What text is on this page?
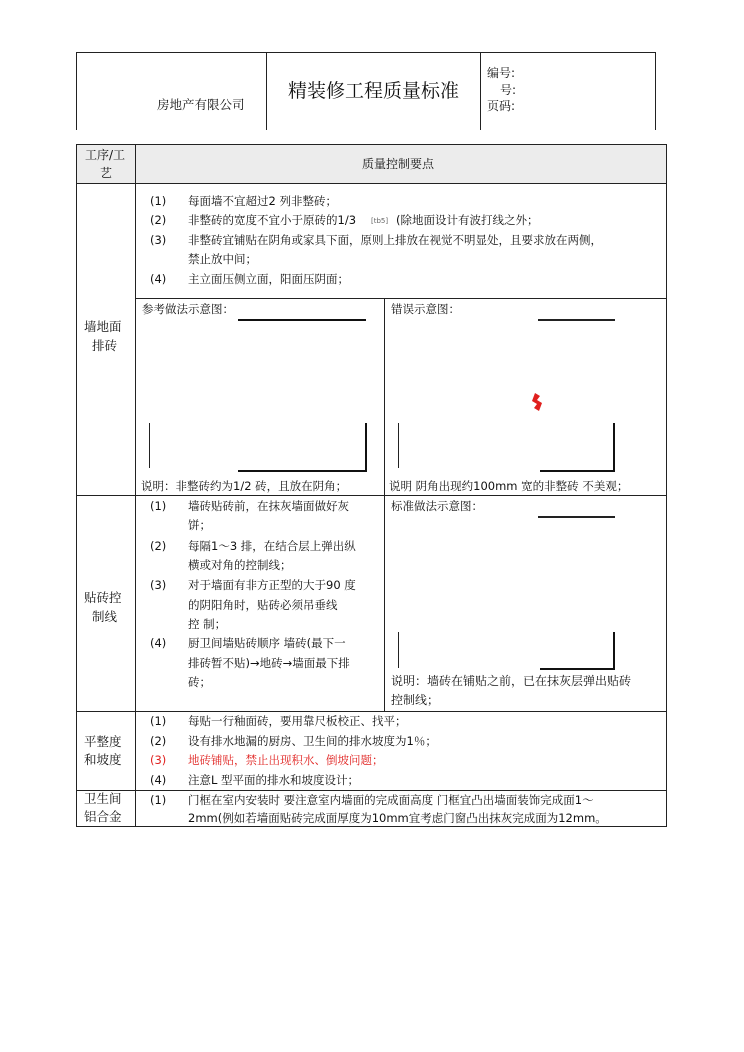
房地产有限公司
精装修工程质量标准
编号:
号:
页码:
工序/工
艺
质量控制要点
墙地面
排砖
(1) 每面墙不宜超过2 列非整砖；
(2) 非整砖的宽度不宜小于原砖的1/3 [tb5] (除地面设计有波打线之外；
(3) 非整砖宜铺贴在阴角或家具下面，原则上排放在视觉不明显处，且要求放在两侧，
禁止放中间；
(4) 主立面压侧立面，阳面压阴面；
参考做法示意图：
说明：非整砖约为1/2 砖，且放在阴角；
错误示意图：
说明 阴角出现约100mm 宽的非整砖 不美观；
贴砖控
制线
(1) 墙砖贴砖前，在抹灰墙面做好灰
饼；
(2) 每隔1～3 排，在结合层上弹出纵
横或对角的控制线；
(3) 对于墙面有非方正型的大于90 度
的阴阳角时，贴砖必须吊垂线
控 制；
(4) 厨卫间墙贴砖顺序 墙砖(最下一
排砖暂不贴)→地砖→墙面最下排
砖；
标准做法示意图：
说明：墙砖在铺贴之前，已在抹灰层弹出贴砖
控制线；
平整度
和坡度
(1) 每贴一行釉面砖，要用靠尺板校正、找平；
(2) 设有排水地漏的厨房、卫生间的排水坡度为1％；
(3) 地砖铺贴，禁止出现积水、倒坡问题；
(4) 注意L 型平面的排水和坡度设计；
卫生间
铝合金
(1) 门框在室内安装时 要注意室内墙面的完成面高度 门框宜凸出墙面装饰完成面1～
2mm(例如若墙面贴砖完成面厚度为10mm宜考虑门窗凸出抹灰完成面为12mm。
